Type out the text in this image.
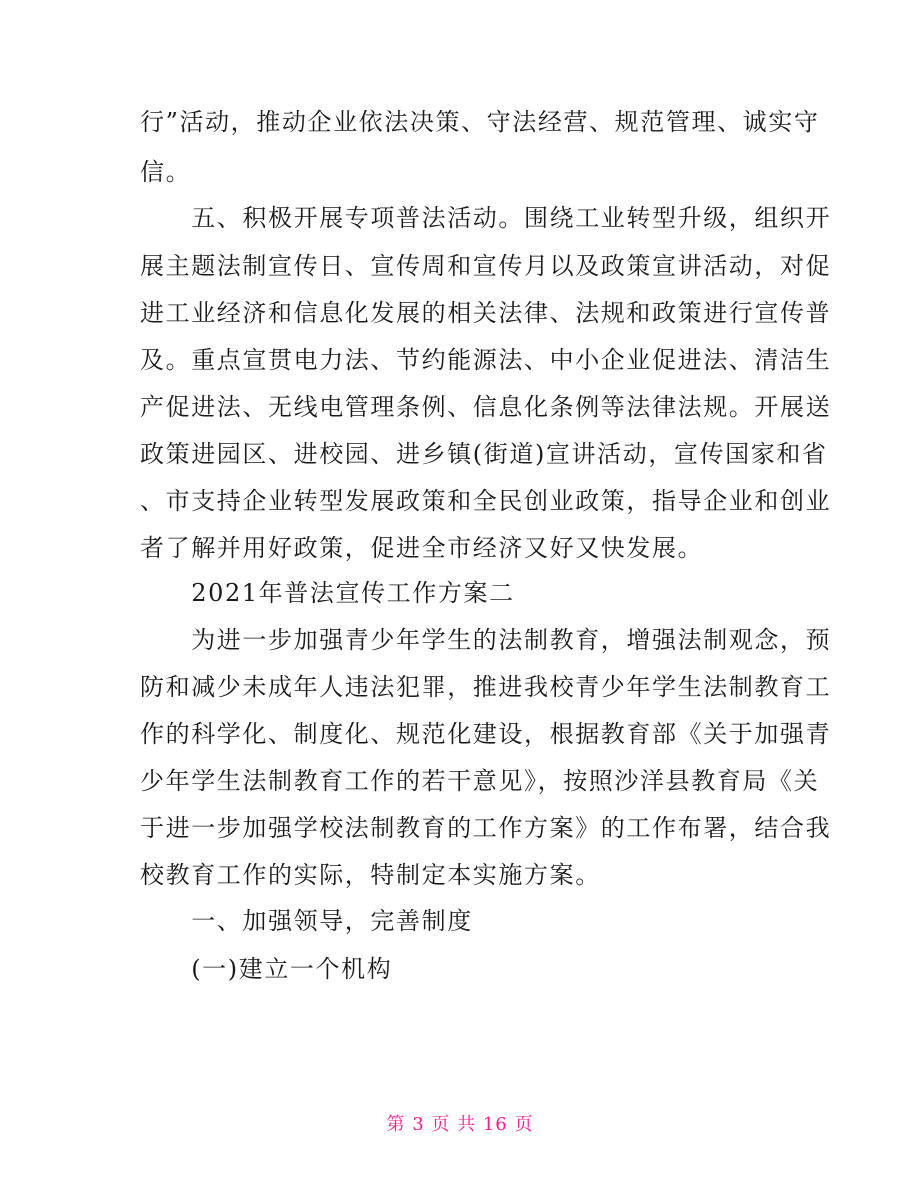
行”活动，推动企业依法决策、守法经营、规范管理、诚实守
信。
　　五、积极开展专项普法活动。围绕工业转型升级，组织开
展主题法制宣传日、宣传周和宣传月以及政策宣讲活动，对促
进工业经济和信息化发展的相关法律、法规和政策进行宣传普
及。重点宣贯电力法、节约能源法、中小企业促进法、清洁生
产促进法、无线电管理条例、信息化条例等法律法规。开展送
政策进园区、进校园、进乡镇(街道)宣讲活动，宣传国家和省
、市支持企业转型发展政策和全民创业政策，指导企业和创业
者了解并用好政策，促进全市经济又好又快发展。
　　2021年普法宣传工作方案二
　　为进一步加强青少年学生的法制教育，增强法制观念，预
防和减少未成年人违法犯罪，推进我校青少年学生法制教育工
作的科学化、制度化、规范化建设，根据教育部《关于加强青
少年学生法制教育工作的若干意见》，按照沙洋县教育局《关
于进一步加强学校法制教育的工作方案》的工作布署，结合我
校教育工作的实际，特制定本实施方案。
　　一、加强领导，完善制度
　　(一)建立一个机构
第 3 页 共 16 页
